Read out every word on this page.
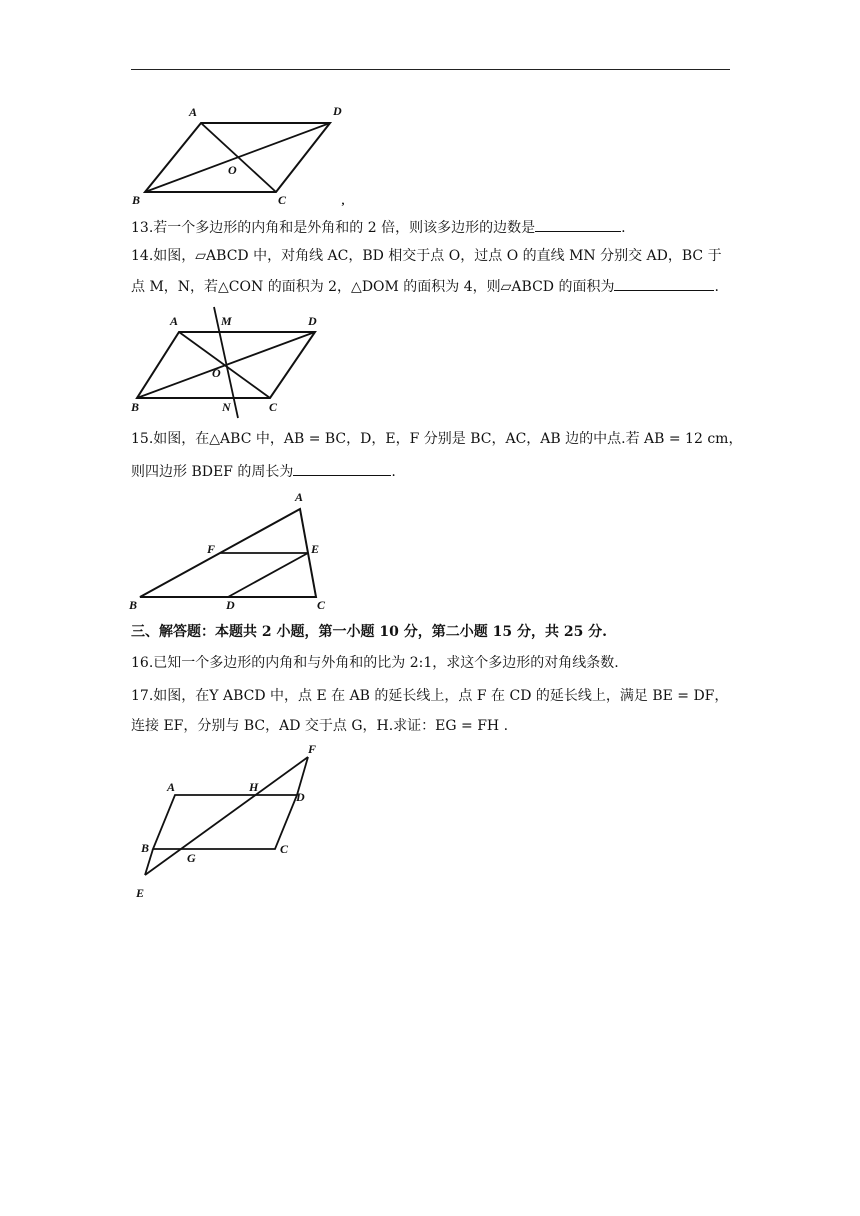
A	D
O
B	C	,
13.若一个多边形的内角和是外角和的 2 倍，则该多边形的边数是	.
14.如图，▱ABCD 中，对角线 AC，BD 相交于点 O，过点 O 的直线 MN 分别交 AD，BC 于
点 M，N，若△CON 的面积为 2，△DOM 的面积为 4，则▱ABCD 的面积为	.
A	M	D
O
B	N	C
15.如图，在△ABC 中，AB = BC，D，E，F 分别是 BC，AC，AB 边的中点.若 AB = 12 cm，
则四边形 BDEF 的周长为	.
A
F	E
B	D	C
三、解答题：本题共 2 小题，第一小题 10 分，第二小题 15 分，共 25 分.
16.已知一个多边形的内角和与外角和的比为 2:1，求这个多边形的对角线条数.
17.如图，在Y ABCD 中，点 E 在 AB 的延长线上，点 F 在 CD 的延长线上，满足 BE = DF，
连接 EF，分别与 BC，AD 交于点 G，H.求证：EG = FH .
F
A	H
D
B
G
C
E
